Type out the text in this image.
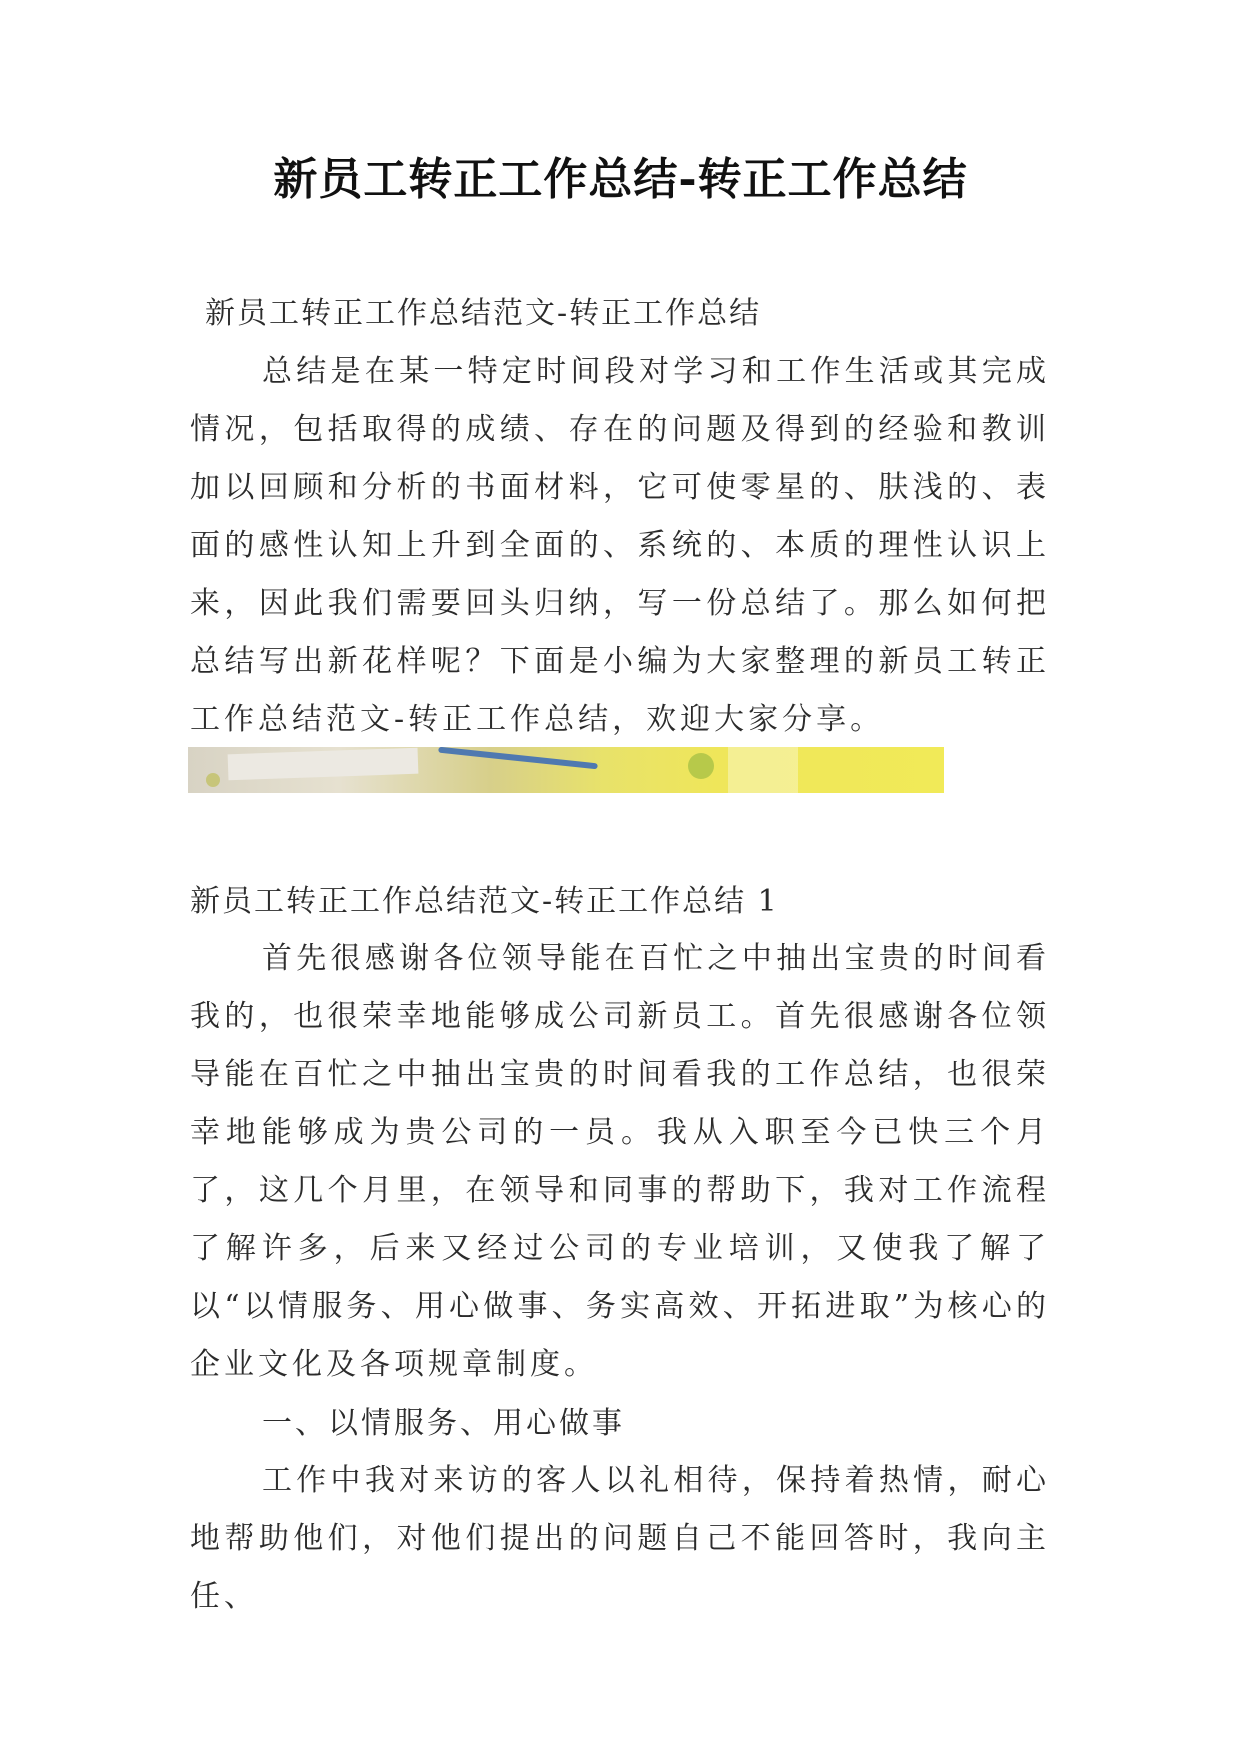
新员工转正工作总结-转正工作总结
新员工转正工作总结范文-转正工作总结

总结是在某一特定时间段对学习和工作生活或其完成情况，包括取得的成绩、存在的问题及得到的经验和教训加以回顾和分析的书面材料，它可使零星的、肤浅的、表面的感性认知上升到全面的、系统的、本质的理性认识上来，因此我们需要回头归纳，写一份总结了。那么如何把总结写出新花样呢？下面是小编为大家整理的新员工转正工作总结范文-转正工作总结，欢迎大家分享。

新员工转正工作总结范文-转正工作总结 1

首先很感谢各位领导能在百忙之中抽出宝贵的时间看我的，也很荣幸地能够成公司新员工。首先很感谢各位领导能在百忙之中抽出宝贵的时间看我的工作总结，也很荣幸地能够成为贵公司的一员。我从入职至今已快三个月了，这几个月里，在领导和同事的帮助下，我对工作流程了解许多，后来又经过公司的专业培训，又使我了解了以“以情服务、用心做事、务实高效、开拓进取”为核心的企业文化及各项规章制度。

一、以情服务、用心做事

工作中我对来访的客人以礼相待，保持着热情，耐心地帮助他们，对他们提出的问题自己不能回答时，我向主任、
